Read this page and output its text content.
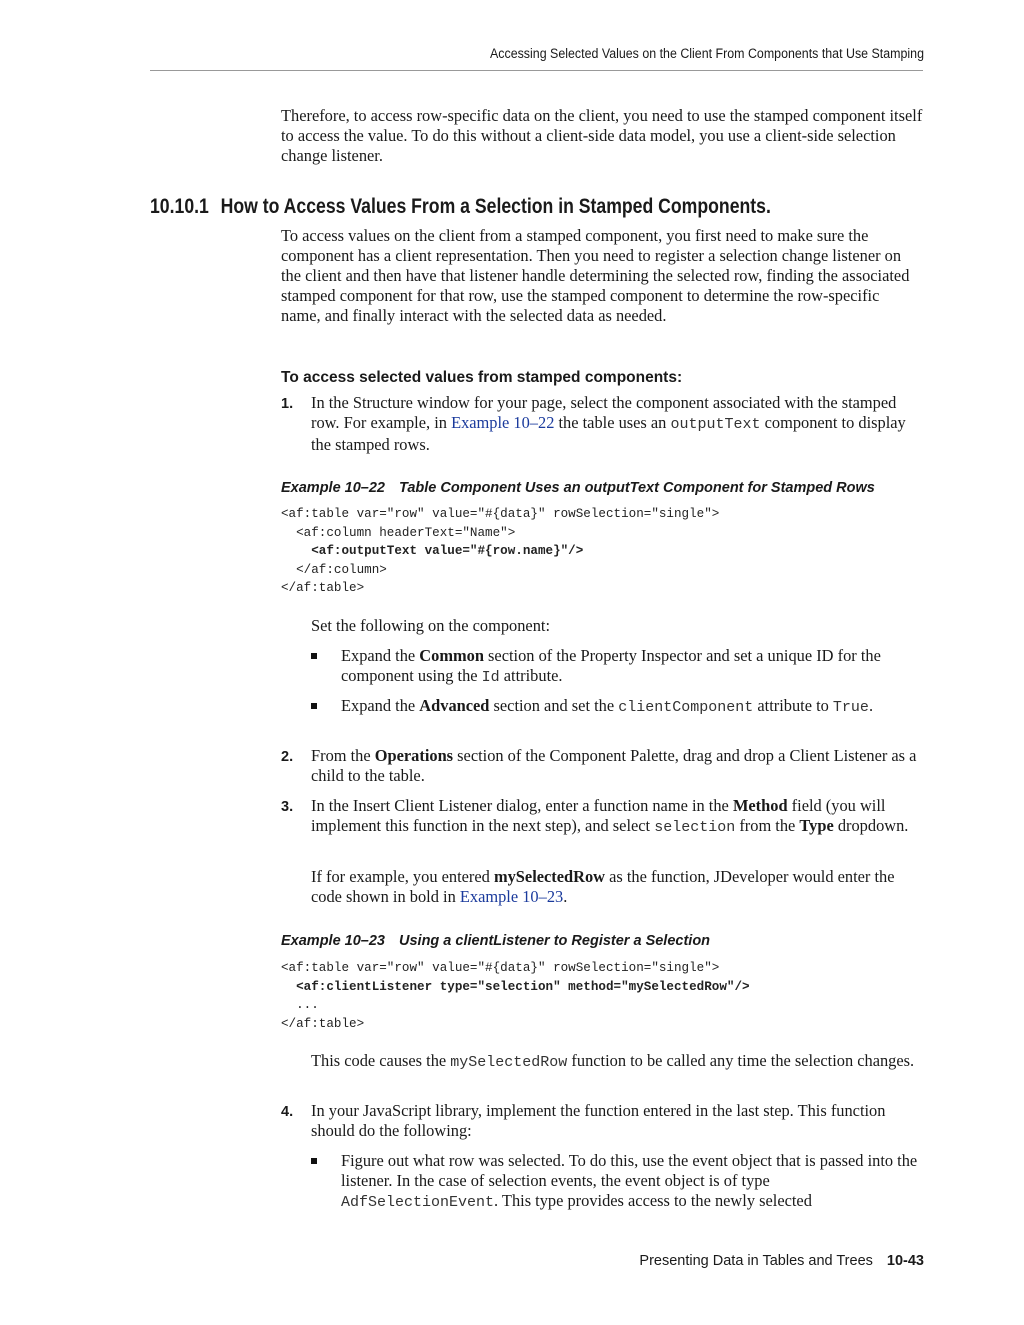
Accessing Selected Values on the Client From Components that Use Stamping
Therefore, to access row-specific data on the client, you need to use the stamped component itself to access the value. To do this without a client-side data model, you use a client-side selection change listener.
10.10.1 How to Access Values From a Selection in Stamped Components.
To access values on the client from a stamped component, you first need to make sure the component has a client representation. Then you need to register a selection change listener on the client and then have that listener handle determining the selected row, finding the associated stamped component for that row, use the stamped component to determine the row-specific name, and finally interact with the selected data as needed.
To access selected values from stamped components:
1. In the Structure window for your page, select the component associated with the stamped row. For example, in Example 10–22 the table uses an outputText component to display the stamped rows.
Example 10–22 Table Component Uses an outputText Component for Stamped Rows
<af:table var="row" value="#{data}" rowSelection="single">
<af:column headerText="Name">
<af:outputText value="#{row.name}"/>
</af:column>
</af:table>
Set the following on the component:
Expand the Common section of the Property Inspector and set a unique ID for the component using the Id attribute.
Expand the Advanced section and set the clientComponent attribute to True.
2. From the Operations section of the Component Palette, drag and drop a Client Listener as a child to the table.
3. In the Insert Client Listener dialog, enter a function name in the Method field (you will implement this function in the next step), and select selection from the Type dropdown.
If for example, you entered mySelectedRow as the function, JDeveloper would enter the code shown in bold in Example 10–23.
Example 10–23 Using a clientListener to Register a Selection
<af:table var="row" value="#{data}" rowSelection="single">
<af:clientListener type="selection" method="mySelectedRow"/>
...
</af:table>
This code causes the mySelectedRow function to be called any time the selection changes.
4. In your JavaScript library, implement the function entered in the last step. This function should do the following:
Figure out what row was selected. To do this, use the event object that is passed into the listener. In the case of selection events, the event object is of type AdfSelectionEvent. This type provides access to the newly selected
Presenting Data in Tables and Trees 10-43
